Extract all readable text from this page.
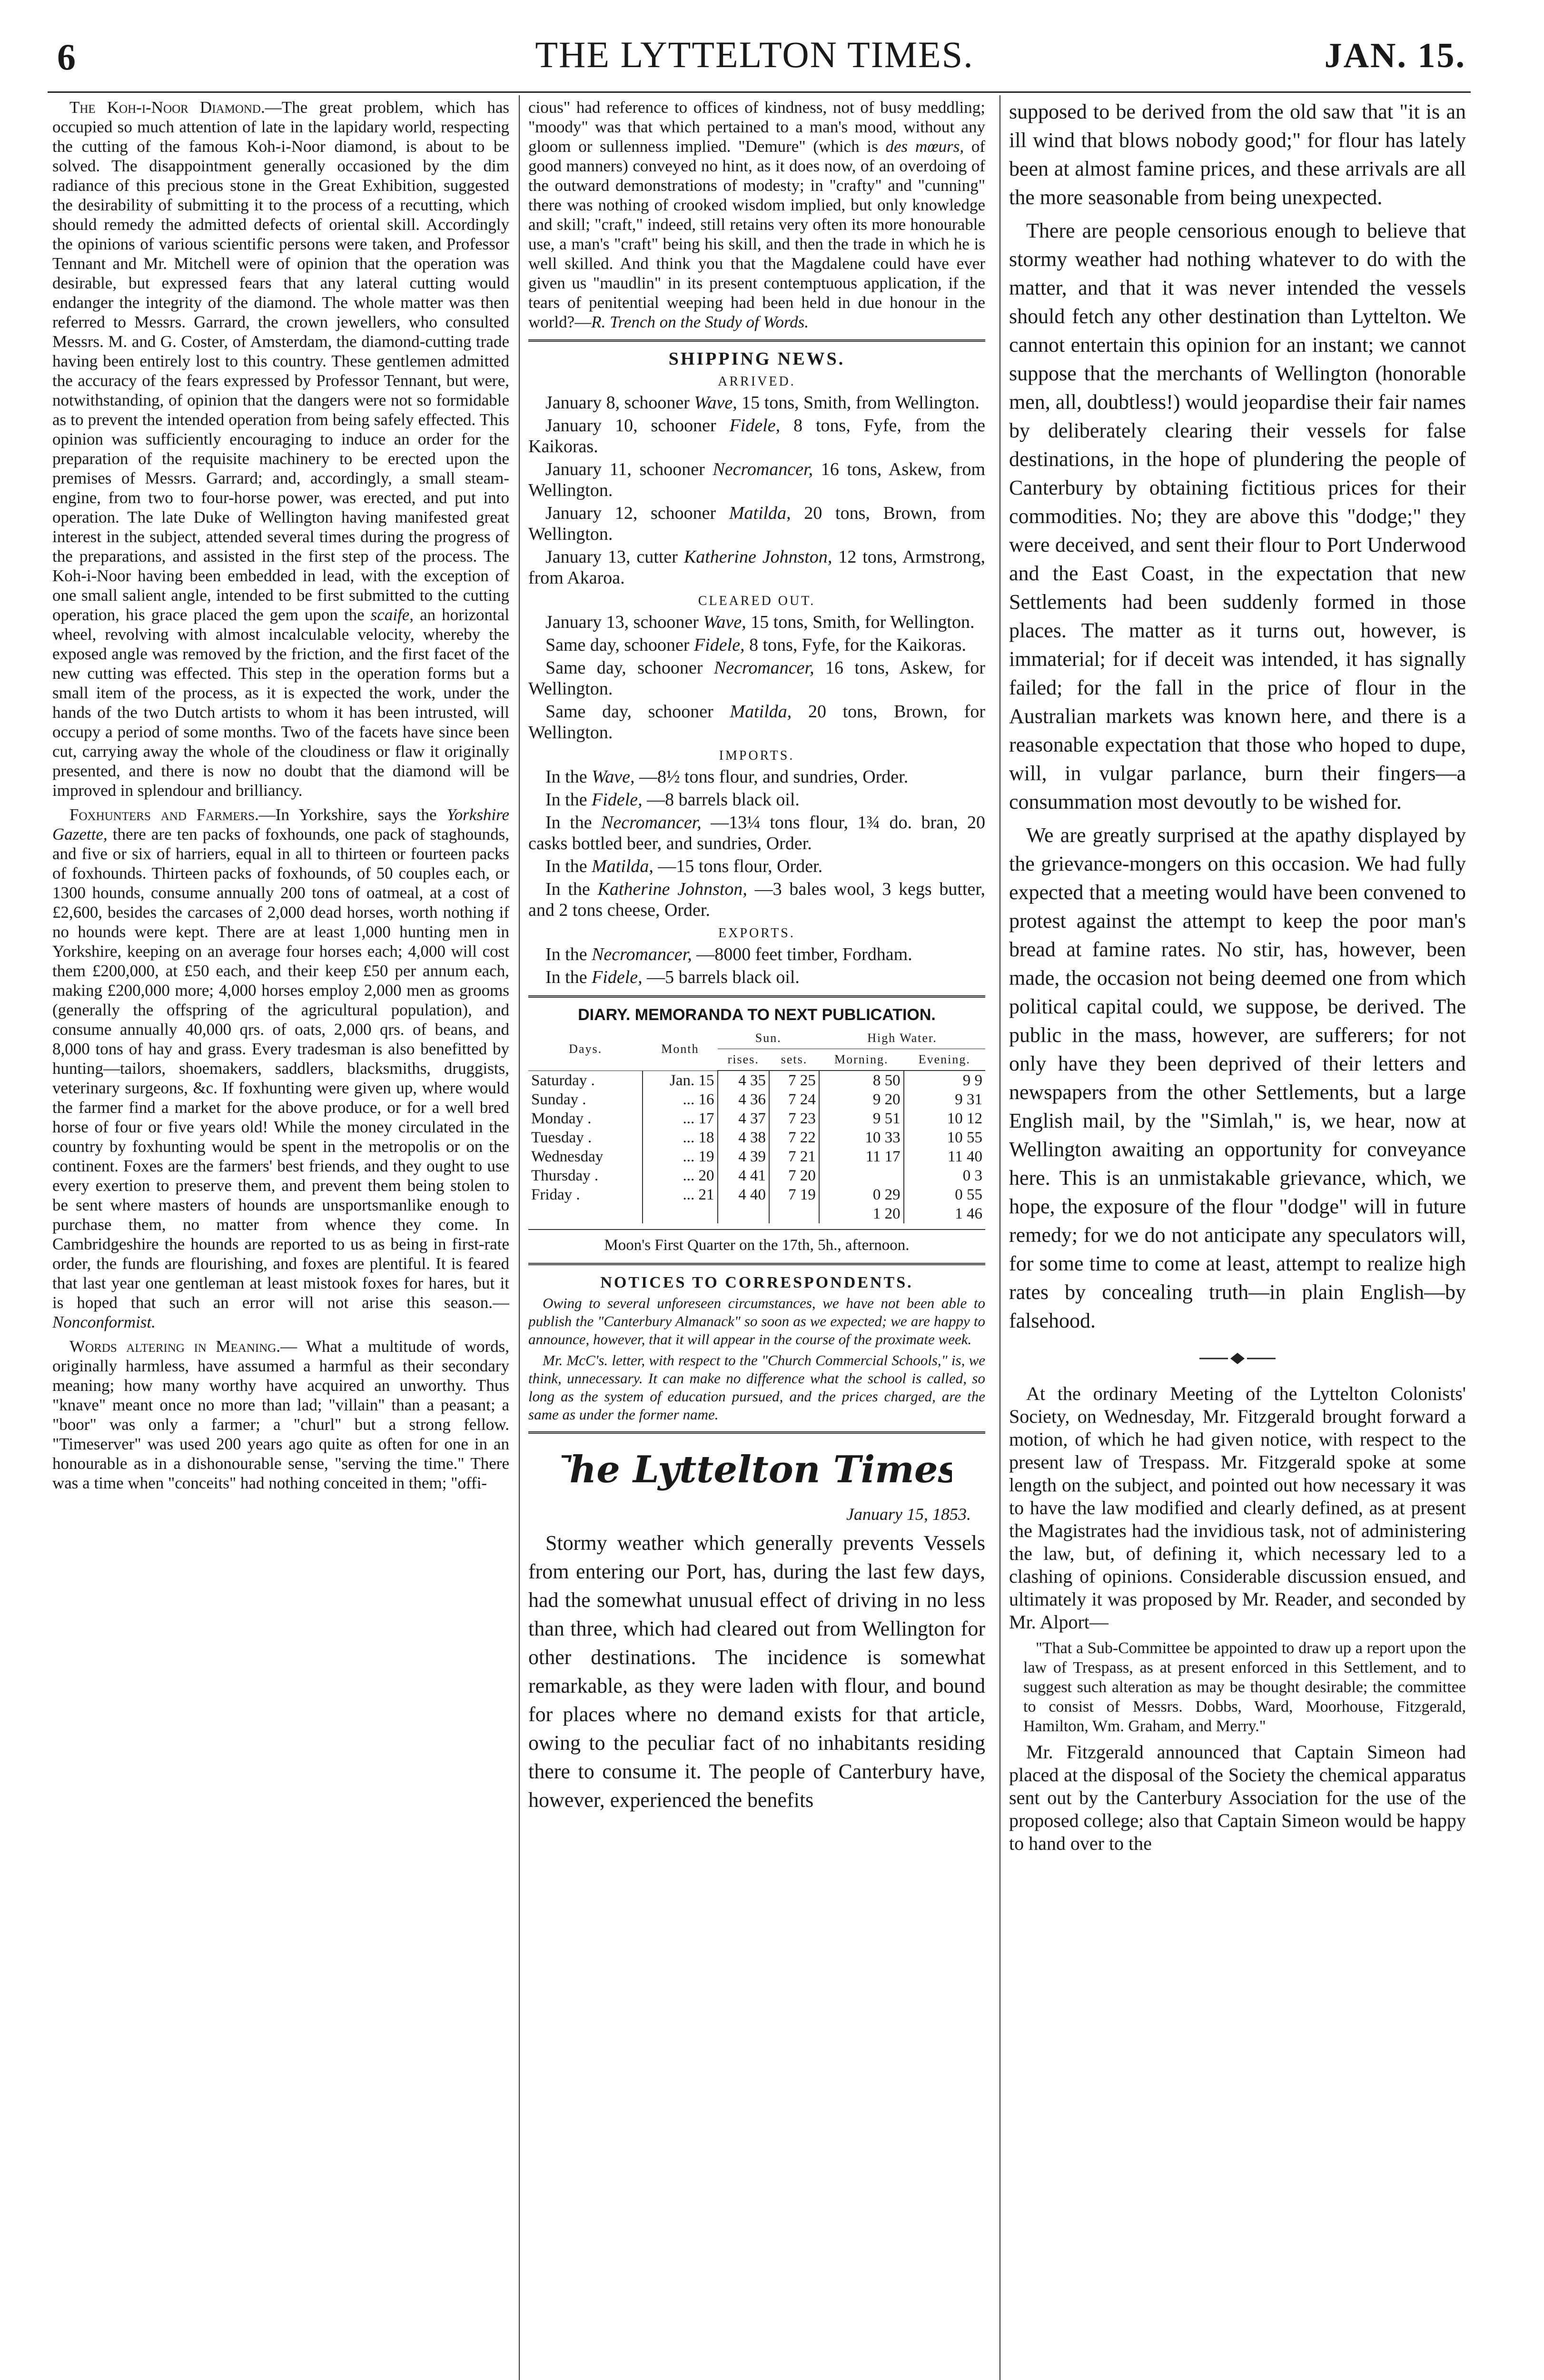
6	THE LYTTELTON TIMES.	JAN. 15.

The Koh-i-Noor Diamond.—The great problem, which has occupied so much attention of late in the lapidary world, respecting the cutting of the famous Koh-i-Noor diamond, is about to be solved. The disappointment generally occasioned by the dim radiance of this precious stone in the Great Exhibition, suggested the desirability of submitting it to the process of a recutting, which should remedy the admitted defects of oriental skill. Accordingly the opinions of various scientific persons were taken, and Professor Tennant and Mr. Mitchell were of opinion that the operation was desirable, but expressed fears that any lateral cutting would endanger the integrity of the diamond. The whole matter was then referred to Messrs. Garrard, the crown jewellers, who consulted Messrs. M. and G. Coster, of Amsterdam, the diamond-cutting trade having been entirely lost to this country. These gentlemen admitted the accuracy of the fears expressed by Professor Tennant, but were, notwithstanding, of opinion that the dangers were not so formidable as to prevent the intended operation from being safely effected. This opinion was sufficiently encouraging to induce an order for the preparation of the requisite machinery to be erected upon the premises of Messrs. Garrard; and, accordingly, a small steam-engine, from two to four-horse power, was erected, and put into operation. The late Duke of Wellington having manifested great interest in the subject, attended several times during the progress of the preparations, and assisted in the first step of the process. The Koh-i-Noor having been embedded in lead, with the exception of one small salient angle, intended to be first submitted to the cutting operation, his grace placed the gem upon the scaife, an horizontal wheel, revolving with almost incalculable velocity, whereby the exposed angle was removed by the friction, and the first facet of the new cutting was effected. This step in the operation forms but a small item of the process, as it is expected the work, under the hands of the two Dutch artists to whom it has been intrusted, will occupy a period of some months. Two of the facets have since been cut, carrying away the whole of the cloudiness or flaw it originally presented, and there is now no doubt that the diamond will be improved in splendour and brilliancy.

Foxhunters and Farmers.—In Yorkshire, says the Yorkshire Gazette, there are ten packs of foxhounds, one pack of staghounds, and five or six of harriers, equal in all to thirteen or fourteen packs of foxhounds. Thirteen packs of foxhounds, of 50 couples each, or 1300 hounds, consume annually 200 tons of oatmeal, at a cost of £2,600, besides the carcases of 2,000 dead horses, worth nothing if no hounds were kept. There are at least 1,000 hunting men in Yorkshire, keeping on an average four horses each; 4,000 will cost them £200,000, at £50 each, and their keep £50 per annum each, making £200,000 more; 4,000 horses employ 2,000 men as grooms (generally the offspring of the agricultural population), and consume annually 40,000 qrs. of oats, 2,000 qrs. of beans, and 8,000 tons of hay and grass. Every tradesman is also benefitted by hunting—tailors, shoemakers, saddlers, blacksmiths, druggists, veterinary surgeons, &c. If foxhunting were given up, where would the farmer find a market for the above produce, or for a well bred horse of four or five years old! While the money circulated in the country by foxhunting would be spent in the metropolis or on the continent. Foxes are the farmers' best friends, and they ought to use every exertion to preserve them, and prevent them being stolen to be sent where masters of hounds are unsportsmanlike enough to purchase them, no matter from whence they come. In Cambridgeshire the hounds are reported to us as being in first-rate order, the funds are flourishing, and foxes are plentiful. It is feared that last year one gentleman at least mistook foxes for hares, but it is hoped that such an error will not arise this season.—Nonconformist.

Words altering in Meaning.— What a multitude of words, originally harmless, have assumed a harmful as their secondary meaning; how many worthy have acquired an unworthy. Thus "knave" meant once no more than lad; "villain" than a peasant; a "boor" was only a farmer; a "churl" but a strong fellow. "Timeserver" was used 200 years ago quite as often for one in an honourable as in a dishonourable sense, "serving the time." There was a time when "conceits" had nothing conceited in them; "offi-

cious" had reference to offices of kindness, not of busy meddling; "moody" was that which pertained to a man's mood, without any gloom or sullenness implied. "Demure" (which is des mœurs, of good manners) conveyed no hint, as it does now, of an overdoing of the outward demonstrations of modesty; in "crafty" and "cunning" there was nothing of crooked wisdom implied, but only knowledge and skill; "craft," indeed, still retains very often its more honourable use, a man's "craft" being his skill, and then the trade in which he is well skilled. And think you that the Magdalene could have ever given us "maudlin" in its present contemptuous application, if the tears of penitential weeping had been held in due honour in the world?—R. Trench on the Study of Words.

SHIPPING NEWS.
ARRIVED.

January 8, schooner Wave, 15 tons, Smith, from Wellington.

January 10, schooner Fidele, 8 tons, Fyfe, from the Kaikoras.

January 11, schooner Necromancer, 16 tons, Askew, from Wellington.

January 12, schooner Matilda, 20 tons, Brown, from Wellington.

January 13, cutter Katherine Johnston, 12 tons, Armstrong, from Akaroa.

CLEARED OUT.

January 13, schooner Wave, 15 tons, Smith, for Wellington.

Same day, schooner Fidele, 8 tons, Fyfe, for the Kaikoras.

Same day, schooner Necromancer, 16 tons, Askew, for Wellington.

Same day, schooner Matilda, 20 tons, Brown, for Wellington.

IMPORTS.

In the Wave, —8½ tons flour, and sundries, Order.

In the Fidele, —8 barrels black oil.

In the Necromancer, —13¼ tons flour, 1¾ do. bran, 20 casks bottled beer, and sundries, Order.

In the Matilda, —15 tons flour, Order.

In the Katherine Johnston, —3 bales wool, 3 kegs butter, and 2 tons cheese, Order.

EXPORTS.

In the Necromancer, —8000 feet timber, Fordham.

In the Fidele, —5 barrels black oil.

DIARY. MEMORANDA TO NEXT PUBLICATION.
Days.	Month	Sun.		High Water.	
		rises.	sets.	Morning.	Evening.
Saturday .	Jan. 15	4 35	7 25	8 50	9 9
Sunday .	... 16	4 36	7 24	9 20	9 31
Monday .	... 17	4 37	7 23	9 51	10 12
Tuesday .	... 18	4 38	7 22	10 33	10 55
Wednesday	... 19	4 39	7 21	11 17	11 40
Thursday .	... 20	4 41	7 20		0 3
Friday .	... 21	4 40	7 19	0 29	0 55
				1 20	1 46
Moon's First Quarter on the 17th, 5h., afternoon.
NOTICES TO CORRESPONDENTS.

Owing to several unforeseen circumstances, we have not been able to publish the "Canterbury Almanack" so soon as we expected; we are happy to announce, however, that it will appear in the course of the proximate week.

Mr. McC's. letter, with respect to the "Church Commercial Schools," is, we think, unnecessary. It can make no difference what the school is called, so long as the system of education pursued, and the prices charged, are the same as under the former name.

The Lyttelton Times.
January 15, 1853.

Stormy weather which generally prevents Vessels from entering our Port, has, during the last few days, had the somewhat unusual effect of driving in no less than three, which had cleared out from Wellington for other destinations. The incidence is somewhat remarkable, as they were laden with flour, and bound for places where no demand exists for that article, owing to the peculiar fact of no inhabitants residing there to consume it. The people of Canterbury have, however, experienced the benefits

supposed to be derived from the old saw that "it is an ill wind that blows nobody good;" for flour has lately been at almost famine prices, and these arrivals are all the more seasonable from being unexpected.

There are people censorious enough to believe that stormy weather had nothing whatever to do with the matter, and that it was never intended the vessels should fetch any other destination than Lyttelton. We cannot entertain this opinion for an instant; we cannot suppose that the merchants of Wellington (honorable men, all, doubtless!) would jeopardise their fair names by deliberately clearing their vessels for false destinations, in the hope of plundering the people of Canterbury by obtaining fictitious prices for their commodities. No; they are above this "dodge;" they were deceived, and sent their flour to Port Underwood and the East Coast, in the expectation that new Settlements had been suddenly formed in those places. The matter as it turns out, however, is immaterial; for if deceit was intended, it has signally failed; for the fall in the price of flour in the Australian markets was known here, and there is a reasonable expectation that those who hoped to dupe, will, in vulgar parlance, burn their fingers—a consummation most devoutly to be wished for.

We are greatly surprised at the apathy displayed by the grievance-mongers on this occasion. We had fully expected that a meeting would have been convened to protest against the attempt to keep the poor man's bread at famine rates. No stir, has, however, been made, the occasion not being deemed one from which political capital could, we suppose, be derived. The public in the mass, however, are sufferers; for not only have they been deprived of their letters and newspapers from the other Settlements, but a large English mail, by the "Simlah," is, we hear, now at Wellington awaiting an opportunity for conveyance here. This is an unmistakable grievance, which, we hope, the exposure of the flour "dodge" will in future remedy; for we do not anticipate any speculators will, for some time to come at least, attempt to realize high rates by concealing truth—in plain English—by falsehood.

At the ordinary Meeting of the Lyttelton Colonists' Society, on Wednesday, Mr. Fitzgerald brought forward a motion, of which he had given notice, with respect to the present law of Trespass. Mr. Fitzgerald spoke at some length on the subject, and pointed out how necessary it was to have the law modified and clearly defined, as at present the Magistrates had the invidious task, not of administering the law, but, of defining it, which necessary led to a clashing of opinions. Considerable discussion ensued, and ultimately it was proposed by Mr. Reader, and seconded by Mr. Alport—

"That a Sub-Committee be appointed to draw up a report upon the law of Trespass, as at present enforced in this Settlement, and to suggest such alteration as may be thought desirable; the committee to consist of Messrs. Dobbs, Ward, Moorhouse, Fitzgerald, Hamilton, Wm. Graham, and Merry."

Mr. Fitzgerald announced that Captain Simeon had placed at the disposal of the Society the chemical apparatus sent out by the Canterbury Association for the use of the proposed college; also that Captain Simeon would be happy to hand over to the
